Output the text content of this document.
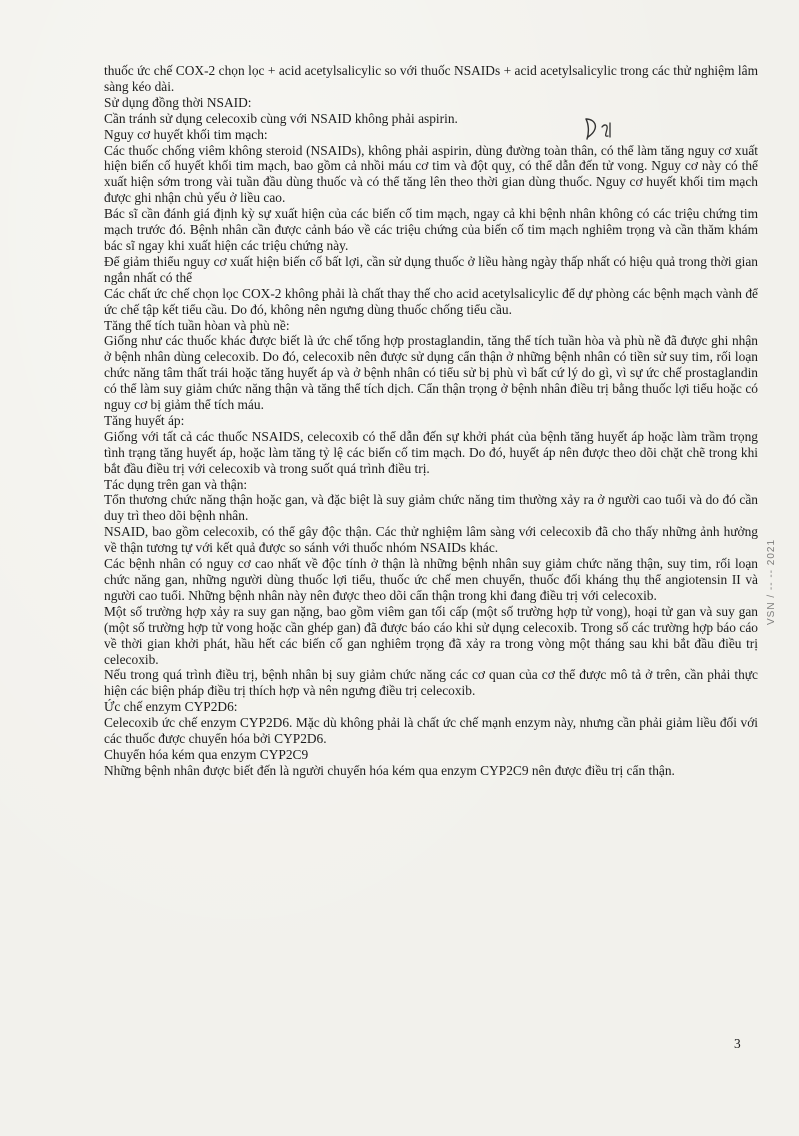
thuốc ức chế COX-2 chọn lọc + acid acetylsalicylic so với thuốc NSAIDs + acid acetylsalicylic trong các thử nghiệm lâm sàng kéo dài.

Sử dụng đồng thời NSAID:

Cần tránh sử dụng celecoxib cùng với NSAID không phải aspirin.

Nguy cơ huyết khối tim mạch:

Các thuốc chống viêm không steroid (NSAIDs), không phải aspirin, dùng đường toàn thân, có thể làm tăng nguy cơ xuất hiện biến cố huyết khối tim mạch, bao gồm cả nhồi máu cơ tim và đột quỵ, có thể dẫn đến tử vong. Nguy cơ này có thể xuất hiện sớm trong vài tuần đầu dùng thuốc và có thể tăng lên theo thời gian dùng thuốc. Nguy cơ huyết khối tim mạch được ghi nhận chủ yếu ở liều cao.

Bác sĩ cần đánh giá định kỳ sự xuất hiện của các biến cố tim mạch, ngay cả khi bệnh nhân không có các triệu chứng tim mạch trước đó. Bệnh nhân cần được cảnh báo về các triệu chứng của biến cố tim mạch nghiêm trọng và cần thăm khám bác sĩ ngay khi xuất hiện các triệu chứng này.

Để giảm thiểu nguy cơ xuất hiện biến cố bất lợi, cần sử dụng thuốc ở liều hàng ngày thấp nhất có hiệu quả trong thời gian ngắn nhất có thể

Các chất ức chế chọn lọc COX-2 không phải là chất thay thế cho acid acetylsalicylic để dự phòng các bệnh mạch vành để ức chế tập kết tiểu cầu. Do đó, không nên ngưng dùng thuốc chống tiểu cầu.

Tăng thể tích tuần hòan và phù nề:

Giống như các thuốc khác được biết là ức chế tổng hợp prostaglandin, tăng thể tích tuần hòa và phù nề đã được ghi nhận ở bệnh nhân dùng celecoxib. Do đó, celecoxib nên được sử dụng cẩn thận ở những bệnh nhân có tiền sử suy tim, rối loạn chức năng tâm thất trái hoặc tăng huyết áp và ở bệnh nhân có tiểu sử bị phù vì bất cứ lý do gì, vì sự ức chế prostaglandin có thể làm suy giảm chức năng thận và tăng thể tích dịch. Cẩn thận trọng ở bệnh nhân điều trị bằng thuốc lợi tiểu hoặc có nguy cơ bị giảm thể tích máu.

Tăng huyết áp:

Giống với tất cả các thuốc NSAIDS, celecoxib có thể dẫn đến sự khởi phát của bệnh tăng huyết áp hoặc làm trầm trọng tình trạng tăng huyết áp, hoặc làm tăng tỷ lệ các biến cố tim mạch. Do đó, huyết áp nên được theo dõi chặt chẽ trong khi bắt đầu điều trị với celecoxib và trong suốt quá trình điều trị.

Tác dụng trên gan và thận:

Tổn thương chức năng thận hoặc gan, và đặc biệt là suy giảm chức năng tim thường xảy ra ở người cao tuổi và do đó cần duy trì theo dõi bệnh nhân.

NSAID, bao gồm celecoxib, có thể gây độc thận. Các thử nghiệm lâm sàng với celecoxib đã cho thấy những ảnh hưởng về thận tương tự với kết quả được so sánh với thuốc nhóm NSAIDs khác.

Các bệnh nhân có nguy cơ cao nhất về độc tính ở thận là những bệnh nhân suy giảm chức năng thận, suy tim, rối loạn chức năng gan, những người dùng thuốc lợi tiểu, thuốc ức chế men chuyển, thuốc đối kháng thụ thể angiotensin II và người cao tuổi. Những bệnh nhân này nên được theo dõi cẩn thận trong khi đang điều trị với celecoxib.

Một số trường hợp xảy ra suy gan nặng, bao gồm viêm gan tối cấp (một số trường hợp tử vong), hoại tử gan và suy gan (một số trường hợp tử vong hoặc cần ghép gan) đã được báo cáo khi sử dụng celecoxib. Trong số các trường hợp báo cáo về thời gian khởi phát, hầu hết các biến cố gan nghiêm trọng đã xảy ra trong vòng một tháng sau khi bắt đầu điều trị celecoxib.

Nếu trong quá trình điều trị, bệnh nhân bị suy giảm chức năng các cơ quan của cơ thể được mô tả ở trên, cần phải thực hiện các biện pháp điều trị thích hợp và nên ngưng điều trị celecoxib.

Ức chế enzym CYP2D6:

Celecoxib ức chế enzym CYP2D6. Mặc dù không phải là chất ức chế mạnh enzym này, nhưng cần phải giảm liều đối với các thuốc được chuyển hóa bởi CYP2D6.

Chuyển hóa kém qua enzym CYP2C9

Những bệnh nhân được biết đến là người chuyển hóa kém qua enzym CYP2C9 nên được điều trị cẩn thận.

VSN / -- -- 2021
3
